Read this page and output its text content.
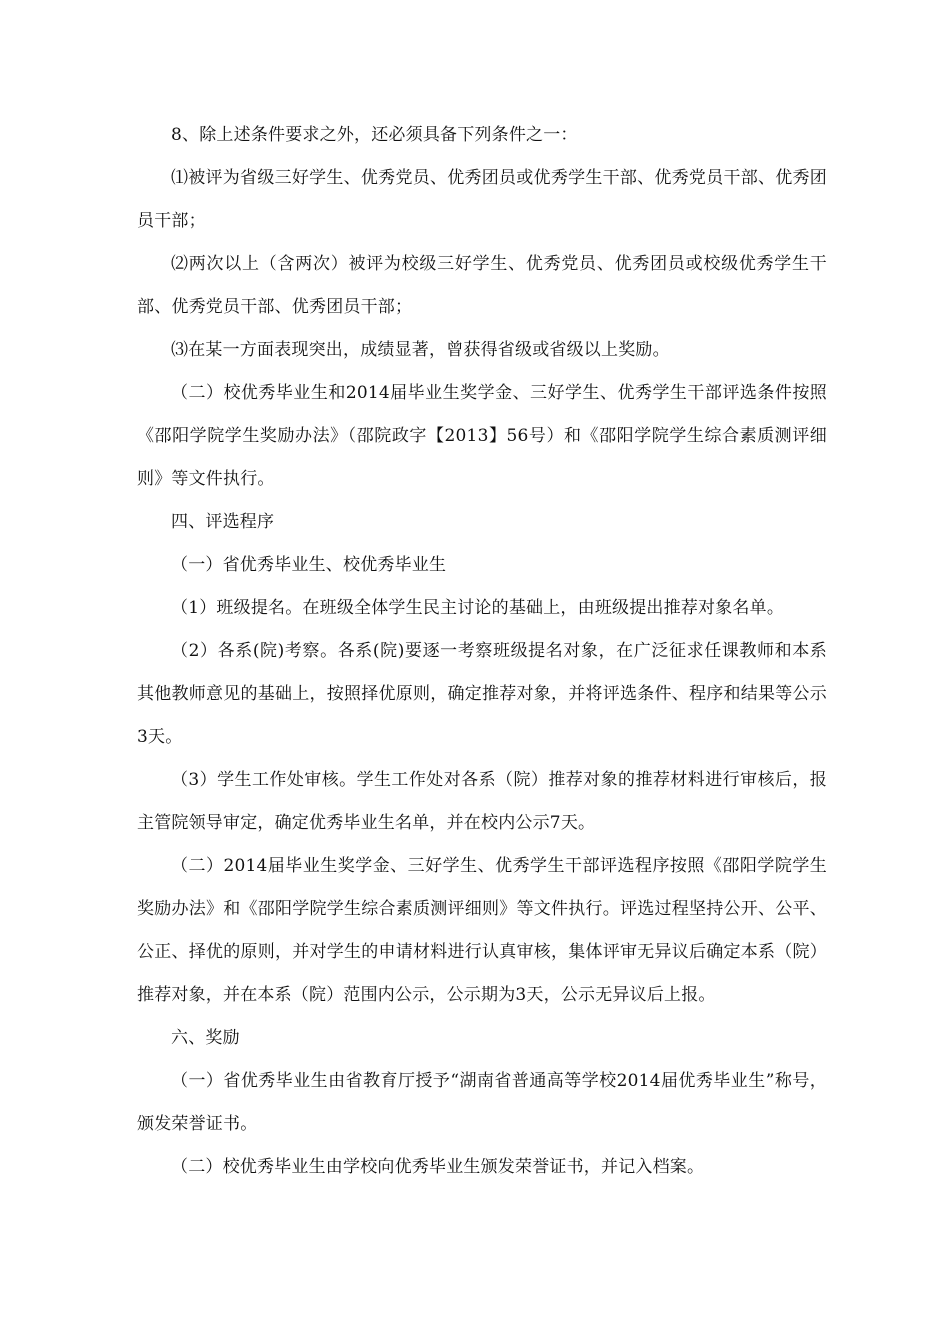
8、除上述条件要求之外，还必须具备下列条件之一：

⑴被评为省级三好学生、优秀党员、优秀团员或优秀学生干部、优秀党员干部、优秀团员干部；

⑵两次以上（含两次）被评为校级三好学生、优秀党员、优秀团员或校级优秀学生干部、优秀党员干部、优秀团员干部；

⑶在某一方面表现突出，成绩显著，曾获得省级或省级以上奖励。

（二）校优秀毕业生和2014届毕业生奖学金、三好学生、优秀学生干部评选条件按照《邵阳学院学生奖励办法》（邵院政字【2013】56号）和《邵阳学院学生综合素质测评细则》等文件执行。

四、评选程序

（一）省优秀毕业生、校优秀毕业生

（1）班级提名。在班级全体学生民主讨论的基础上，由班级提出推荐对象名单。

（2）各系(院)考察。各系(院)要逐一考察班级提名对象，在广泛征求任课教师和本系其他教师意见的基础上，按照择优原则，确定推荐对象，并将评选条件、程序和结果等公示3天。

（3）学生工作处审核。学生工作处对各系（院）推荐对象的推荐材料进行审核后，报主管院领导审定，确定优秀毕业生名单，并在校内公示7天。

（二）2014届毕业生奖学金、三好学生、优秀学生干部评选程序按照《邵阳学院学生奖励办法》和《邵阳学院学生综合素质测评细则》等文件执行。评选过程坚持公开、公平、公正、择优的原则，并对学生的申请材料进行认真审核，集体评审无异议后确定本系（院）推荐对象，并在本系（院）范围内公示，公示期为3天，公示无异议后上报。

六、奖励

（一）省优秀毕业生由省教育厅授予“湖南省普通高等学校2014届优秀毕业生”称号，颁发荣誉证书。

（二）校优秀毕业生由学校向优秀毕业生颁发荣誉证书，并记入档案。
